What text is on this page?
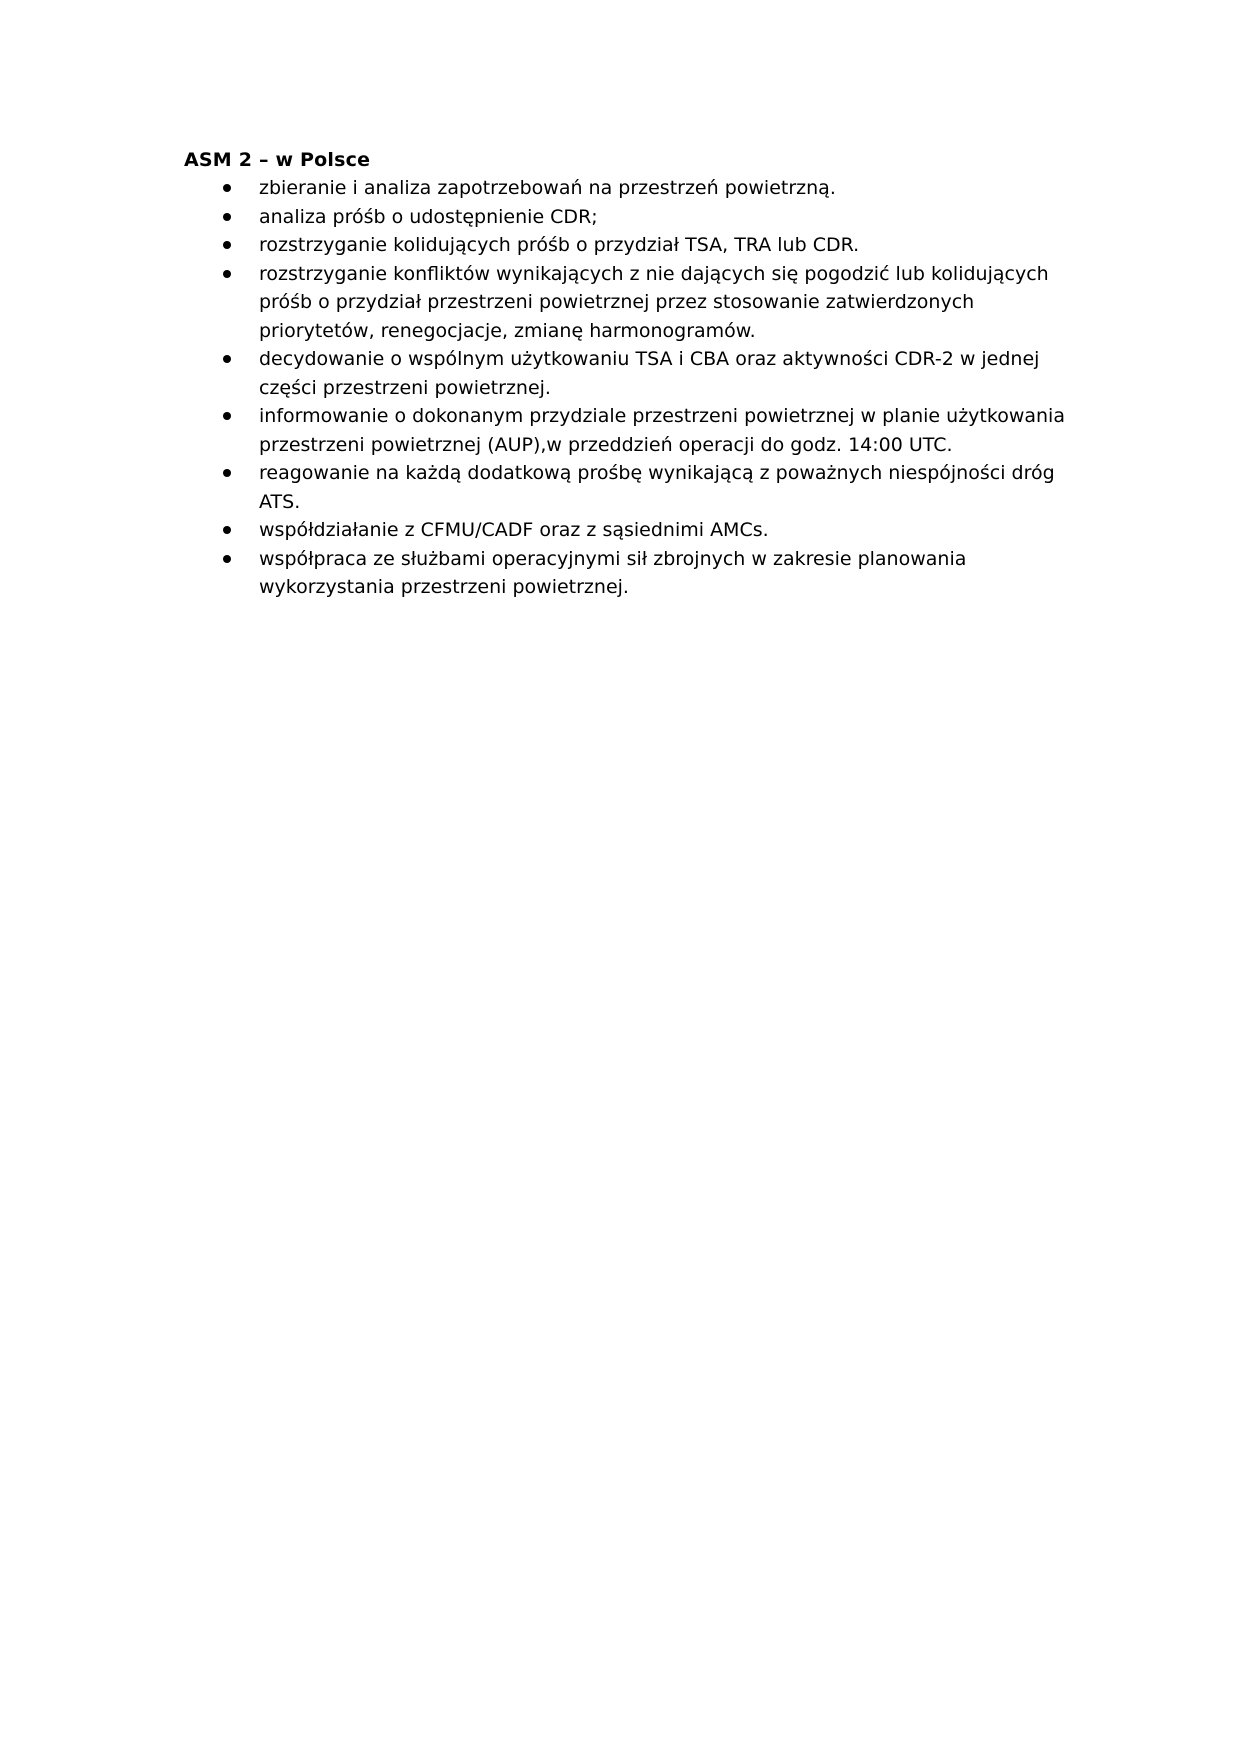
ASM 2 – w Polsce

zbieranie i analiza zapotrzebowań na przestrzeń powietrzną.
analiza próśb o udostępnienie CDR;
rozstrzyganie kolidujących próśb o przydział TSA, TRA lub CDR.
rozstrzyganie konfliktów wynikających z nie dających się pogodzić lub kolidujących próśb o przydział przestrzeni powietrznej przez stosowanie zatwierdzonych priorytetów, renegocjacje, zmianę harmonogramów.
decydowanie o wspólnym użytkowaniu TSA i CBA oraz aktywności CDR-2 w jednej części przestrzeni powietrznej.
informowanie o dokonanym przydziale przestrzeni powietrznej w planie użytkowania przestrzeni powietrznej (AUP),w przeddzień operacji do godz. 14:00 UTC.
reagowanie na każdą dodatkową prośbę wynikającą z poważnych niespójności dróg ATS.
współdziałanie z CFMU/CADF oraz z sąsiednimi AMCs.
współpraca ze służbami operacyjnymi sił zbrojnych w zakresie planowania wykorzystania przestrzeni powietrznej.
